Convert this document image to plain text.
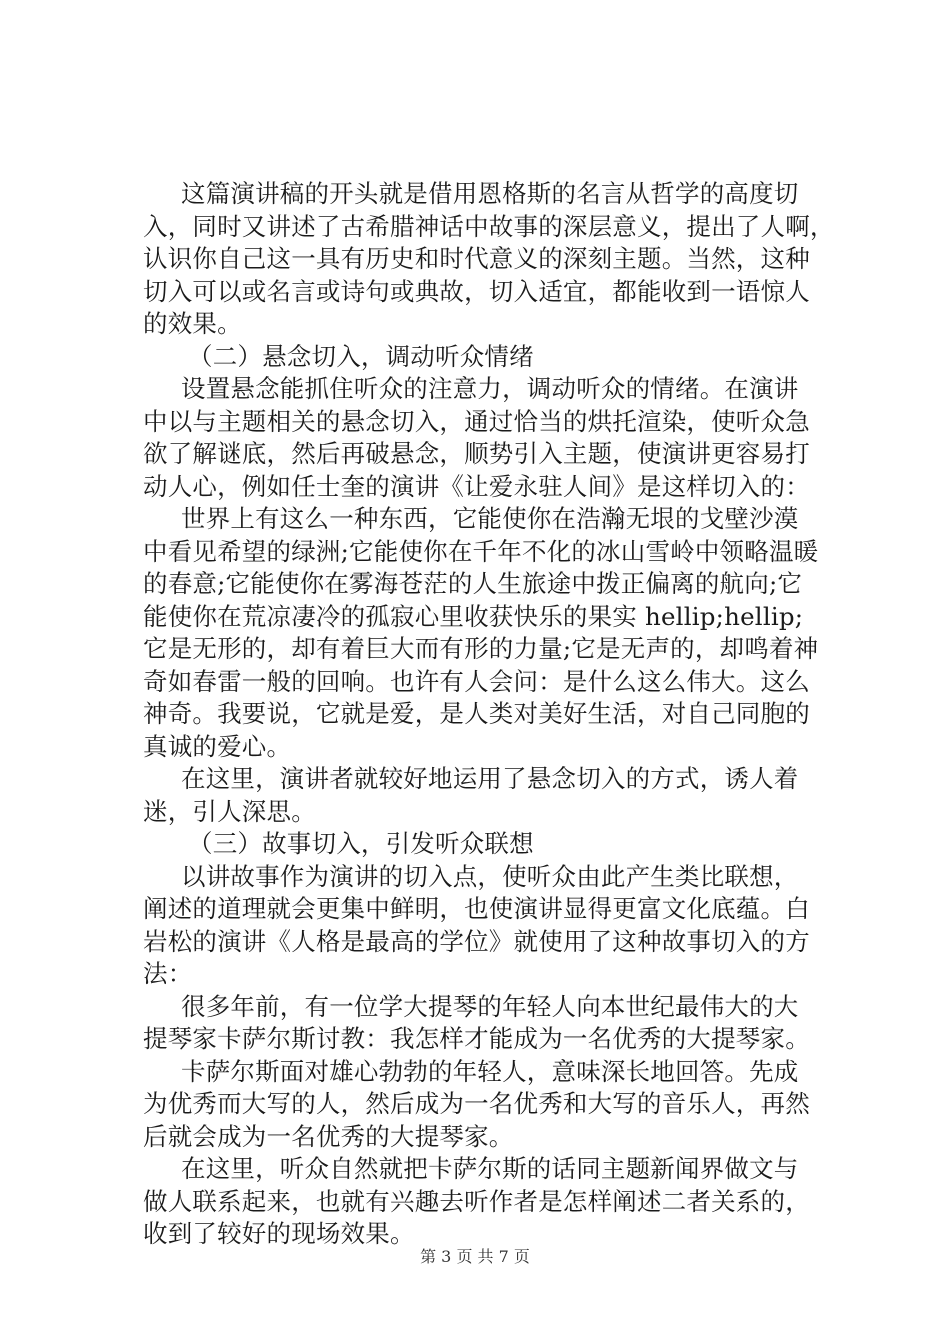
这篇演讲稿的开头就是借用恩格斯的名言从哲学的高度切
入，同时又讲述了古希腊神话中故事的深层意义，提出了人啊，
认识你自己这一具有历史和时代意义的深刻主题。当然，这种
切入可以或名言或诗句或典故，切入适宜，都能收到一语惊人
的效果。
（二）悬念切入，调动听众情绪
设置悬念能抓住听众的注意力，调动听众的情绪。在演讲
中以与主题相关的悬念切入，通过恰当的烘托渲染，使听众急
欲了解谜底，然后再破悬念，顺势引入主题，使演讲更容易打
动人心，例如任士奎的演讲《让爱永驻人间》是这样切入的：
世界上有这么一种东西，它能使你在浩瀚无垠的戈壁沙漠
中看见希望的绿洲;它能使你在千年不化的冰山雪岭中领略温暖
的春意;它能使你在雾海苍茫的人生旅途中拨正偏离的航向;它
能使你在荒凉凄冷的孤寂心里收获快乐的果实 hellip;hellip;
它是无形的，却有着巨大而有形的力量;它是无声的，却鸣着神
奇如春雷一般的回响。也许有人会问：是什么这么伟大。这么
神奇。我要说，它就是爱，是人类对美好生活，对自己同胞的
真诚的爱心。
在这里，演讲者就较好地运用了悬念切入的方式，诱人着
迷，引人深思。
（三）故事切入，引发听众联想
以讲故事作为演讲的切入点，使听众由此产生类比联想，
阐述的道理就会更集中鲜明，也使演讲显得更富文化底蕴。白
岩松的演讲《人格是最高的学位》就使用了这种故事切入的方
法：
很多年前，有一位学大提琴的年轻人向本世纪最伟大的大
提琴家卡萨尔斯讨教：我怎样才能成为一名优秀的大提琴家。
卡萨尔斯面对雄心勃勃的年轻人，意味深长地回答。先成
为优秀而大写的人，然后成为一名优秀和大写的音乐人，再然
后就会成为一名优秀的大提琴家。
在这里，听众自然就把卡萨尔斯的话同主题新闻界做文与
做人联系起来，也就有兴趣去听作者是怎样阐述二者关系的，
收到了较好的现场效果。
第 3 页 共 7 页
